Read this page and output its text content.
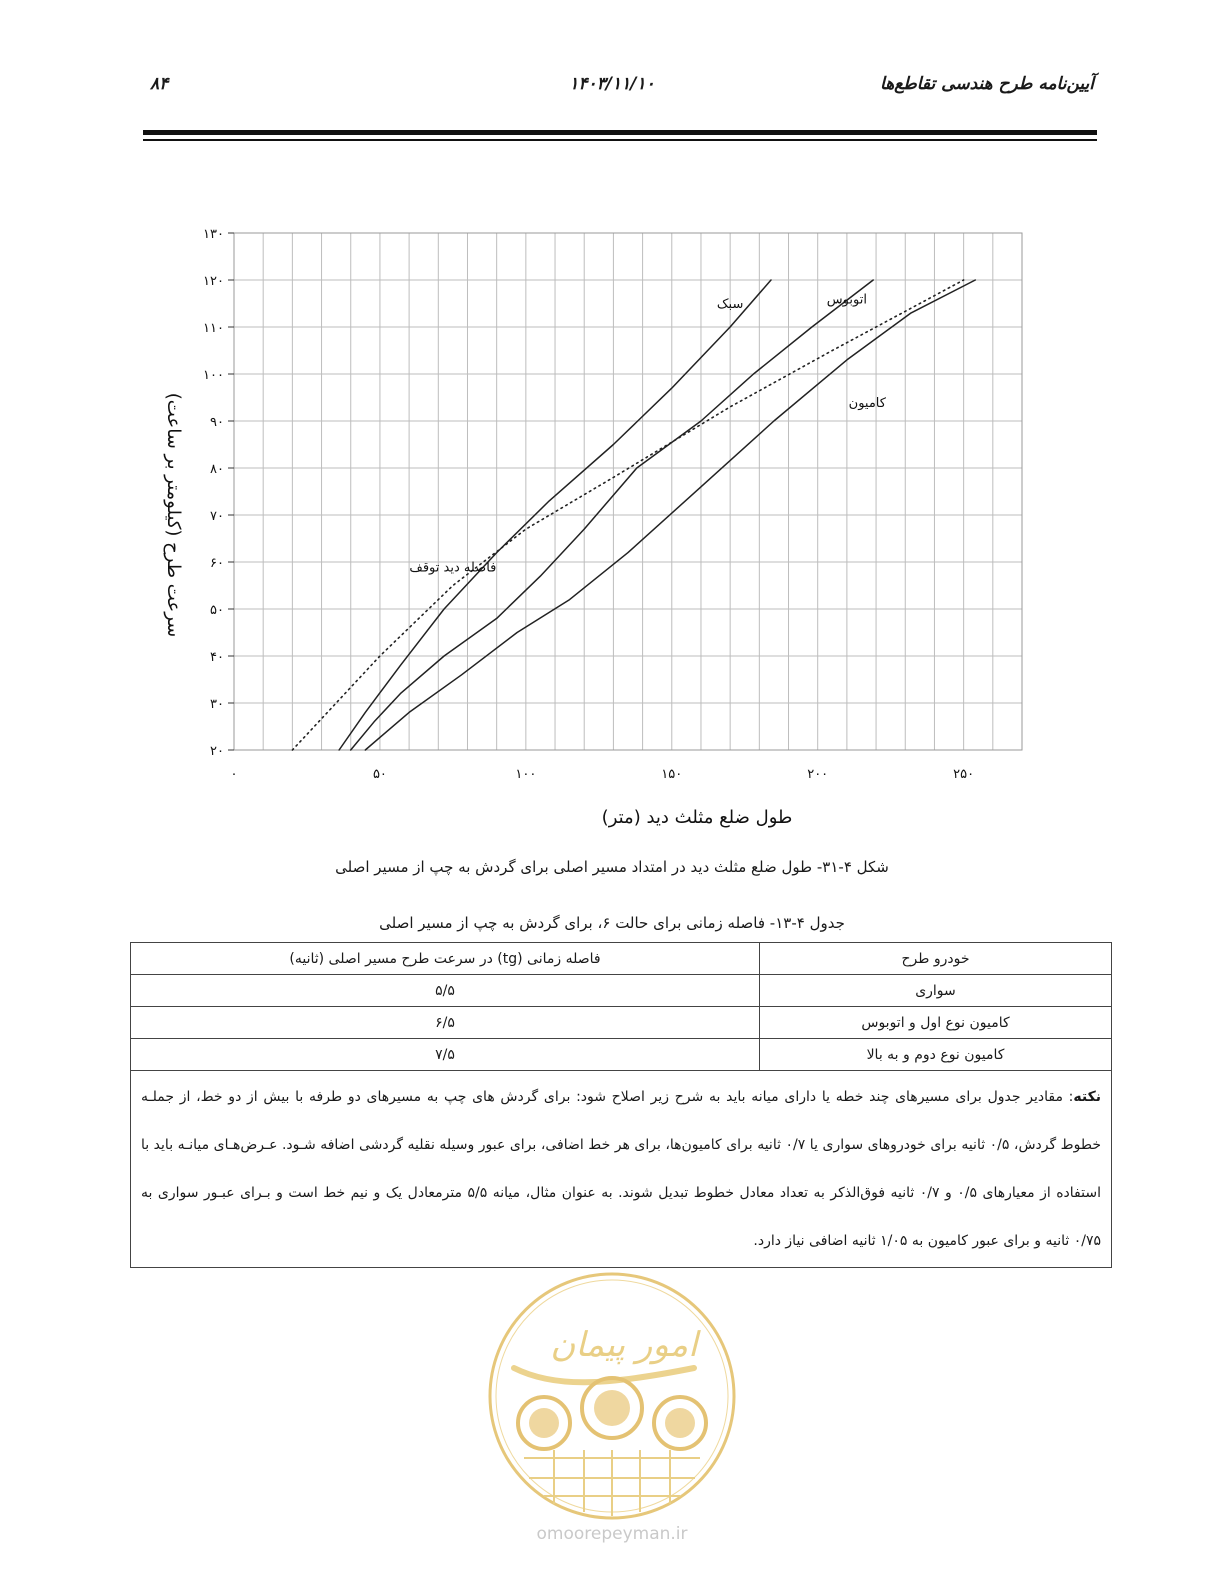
آیین‌نامه طرح هندسی تقاطع‌ها
۱۴۰۳/۱۱/۱۰
۸۴
۲۰
۳۰
۴۰
۵۰
۶۰
۷۰
۸۰
۹۰
۱۰۰
۱۱۰
۱۲۰
۱۳۰
۰	۵۰	۱۰۰	۱۵۰	۲۰۰	۲۵۰
سبک	اتوبوس
کامیون
فاصله دید توقف
طول ضلع مثلث دید (متر)
سرعت طرح (کیلومتر بر ساعت)
شکل ۴-۳۱- طول ضلع مثلث دید در امتداد مسیر اصلی برای گردش به چپ از مسیر اصلی
جدول ۴-۱۳- فاصله زمانی برای حالت ۶، برای گردش به چپ از مسیر اصلی
خودرو طرح	فاصله زمانی (tg) در سرعت طرح مسیر اصلی (ثانیه)
سواری	۵/۵
کامیون نوع اول و اتوبوس	۶/۵
کامیون نوع دوم و به بالا	۷/۵
نکته: مقادیر جدول برای مسیرهای چند خطه یا دارای میانه باید به شرح زیر اصلاح شود: برای گردش های چپ به مسیرهای دو طرفه با بیش از دو خط، از جملـه خطوط گردش، ۰/۵ ثانیه برای خودروهای سواری یا ۰/۷ ثانیه برای کامیون‌ها، برای هر خط اضافی، برای عبور وسیله نقلیه گردشی اضافه شـود. عـرض‌هـای میانـه باید با استفاده از معیارهای ۰/۵ و ۰/۷ ثانیه فوق‌الذکر به تعداد معادل خطوط تبدیل شوند. به عنوان مثال، میانه ۵/۵ مترمعادل یک و نیم خط است و بـرای عبـور سواری به ۰/۷۵ ثانیه و برای عبور کامیون به ۱/۰۵ ثانیه اضافی نیاز دارد.	
امور پیمان
omoorepeyman.ir
